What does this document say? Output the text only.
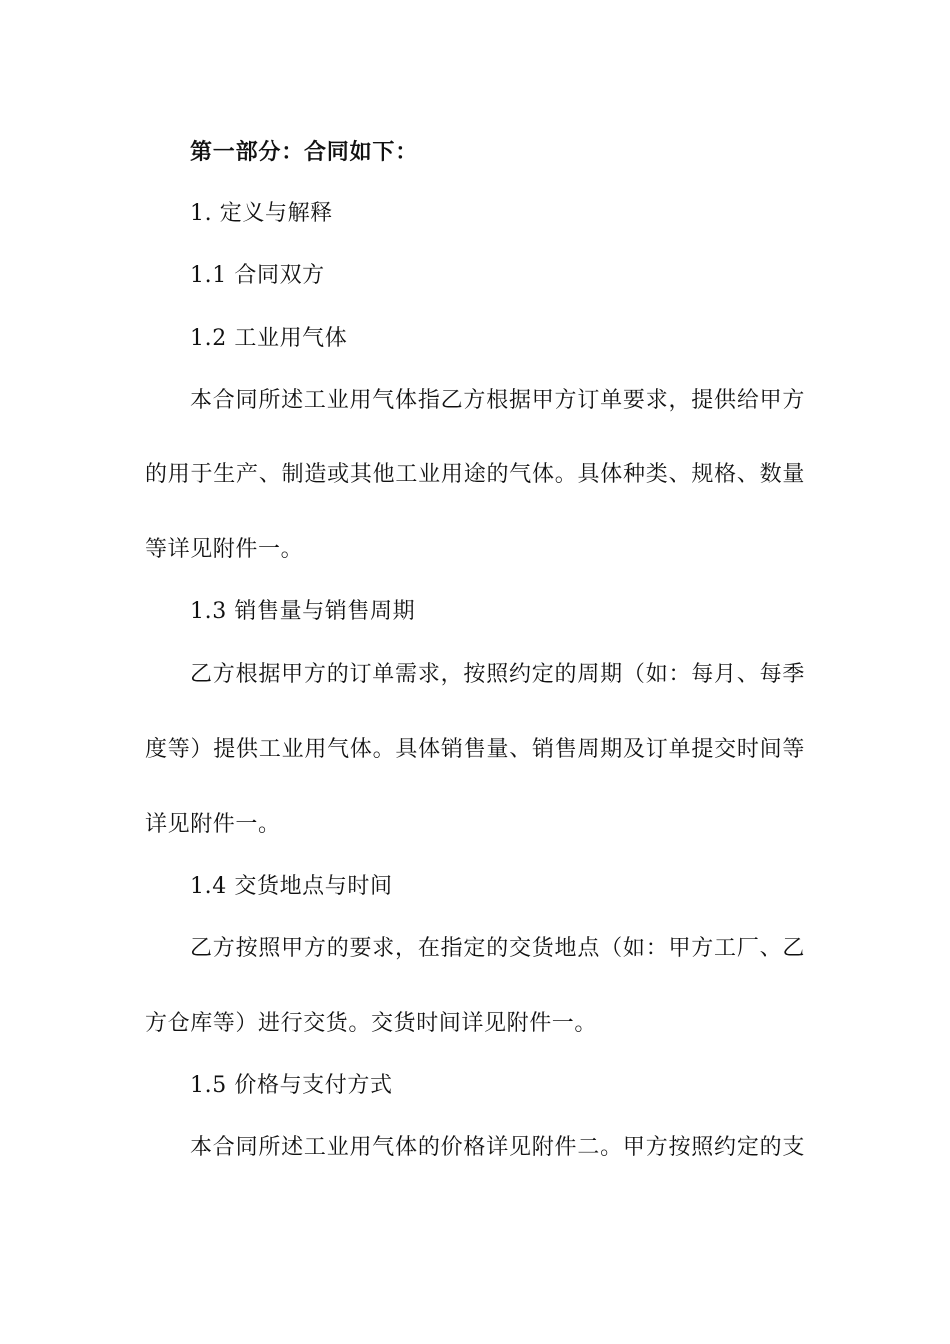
第一部分：合同如下：
1. 定义与解释
1.1 合同双方
1.2 工业用气体
本合同所述工业用气体指乙方根据甲方订单要求，提供给甲方
的用于生产、制造或其他工业用途的气体。具体种类、规格、数量
等详见附件一。
1.3 销售量与销售周期
乙方根据甲方的订单需求，按照约定的周期（如：每月、每季
度等）提供工业用气体。具体销售量、销售周期及订单提交时间等
详见附件一。
1.4 交货地点与时间
乙方按照甲方的要求，在指定的交货地点（如：甲方工厂、乙
方仓库等）进行交货。交货时间详见附件一。
1.5 价格与支付方式
本合同所述工业用气体的价格详见附件二。甲方按照约定的支
